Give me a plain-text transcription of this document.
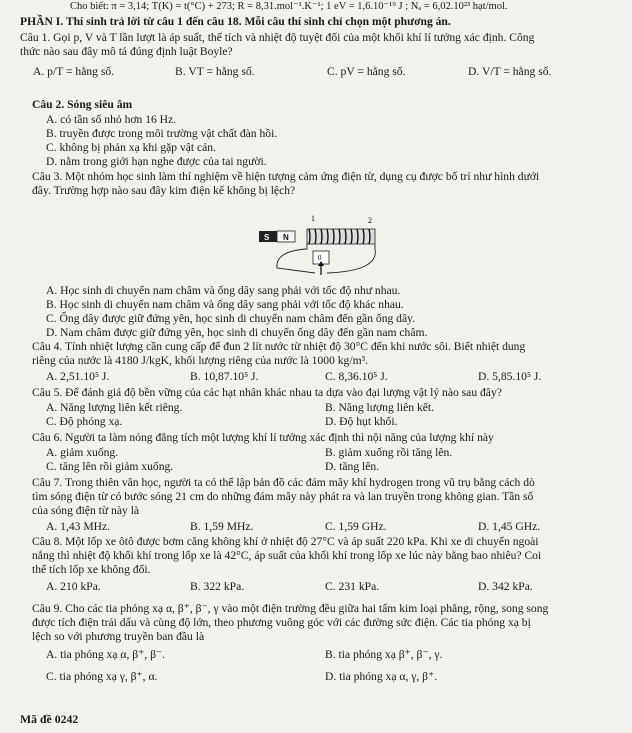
Cho biết: π = 3,14; T(K) = t(°C) + 273; R = 8,31.mol⁻¹.K⁻¹; 1 eV = 1,6.10⁻¹⁹ J ; Nₐ = 6,02.10²³ hạt/mol.
PHẦN I. Thí sinh trả lời từ câu 1 đến câu 18. Mỗi câu thí sinh chỉ chọn một phương án.
Câu 1. Gọi p, V và T lần lượt là áp suất, thể tích và nhiệt độ tuyệt đối của một khối khí lí tưởng xác định. Công
thức nào sau đây mô tả đúng định luật Boyle?
A. p/T = hằng số.	B. VT = hằng số.	C. pV = hằng số.	D. V/T = hằng số.
Câu 2. Sóng siêu âm
A. có tần số nhỏ hơn 16 Hz.
B. truyền được trong môi trường vật chất đàn hồi.
C. không bị phản xạ khi gặp vật cản.
D. nằm trong giới hạn nghe được của tai người.
Câu 3. Một nhóm học sinh làm thí nghiệm về hiện tượng cảm ứng điện từ, dụng cụ được bố trí như hình dưới
đây. Trường hợp nào sau đây kim điện kế không bị lệch?
1	2
S N
0
A. Học sinh di chuyển nam châm và ống dây sang phải với tốc độ như nhau.
B. Học sinh di chuyển nam châm và ống dây sang phải với tốc độ khác nhau.
C. Ống dây được giữ đứng yên, học sinh di chuyển nam châm đến gần ống dây.
D. Nam châm được giữ đứng yên, học sinh di chuyển ống dây đến gần nam châm.
Câu 4. Tính nhiệt lượng cần cung cấp để đun 2 lít nước từ nhiệt độ 30°C đến khi nước sôi. Biết nhiệt dung
riêng của nước là 4180 J/kgK, khối lượng riêng của nước là 1000 kg/m³.
A. 2,51.10⁵ J.	B. 10,87.10⁵ J.	C. 8,36.10⁵ J.	D. 5,85.10⁵ J.
Câu 5. Để đánh giá độ bền vững của các hạt nhân khác nhau ta dựa vào đại lượng vật lý nào sau đây?
A. Năng lượng liên kết riêng.	B. Năng lượng liên kết.
C. Độ phóng xạ.	D. Độ hụt khối.
Câu 6. Người ta làm nóng đẳng tích một lượng khí lí tưởng xác định thì nội năng của lượng khí này
A. giảm xuống.	B. giảm xuống rồi tăng lên.
C. tăng lên rồi giảm xuống.	D. tăng lên.
Câu 7. Trong thiên văn học, người ta có thể lập bản đồ các đám mây khí hydrogen trong vũ trụ bằng cách dò
tìm sóng điện từ có bước sóng 21 cm do những đám mây này phát ra và lan truyền trong không gian. Tần số
của sóng điện từ này là
A. 1,43 MHz.	B. 1,59 MHz.	C. 1,59 GHz.	D. 1,45 GHz.
Câu 8. Một lốp xe ôtô được bơm căng không khí ở nhiệt độ 27°C và áp suất 220 kPa. Khi xe di chuyển ngoài
nắng thì nhiệt độ khối khí trong lốp xe là 42°C, áp suất của khối khí trong lốp xe lúc này bằng bao nhiêu? Coi
thể tích lốp xe không đổi.
A. 210 kPa.	B. 322 kPa.	C. 231 kPa.	D. 342 kPa.
Câu 9. Cho các tia phóng xạ α, β⁺, β⁻, γ vào một điện trường đều giữa hai tấm kim loại phẳng, rộng, song song
được tích điện trái dấu và cùng độ lớn, theo phương vuông góc với các đường sức điện. Các tia phóng xạ bị
lệch so với phương truyền ban đầu là
A. tia phóng xạ α, β⁺, β⁻.	B. tia phóng xạ β⁺, β⁻, γ.
C. tia phóng xạ γ, β⁺, α.	D. tia phóng xạ α, γ, β⁺.
Mã đề 0242
